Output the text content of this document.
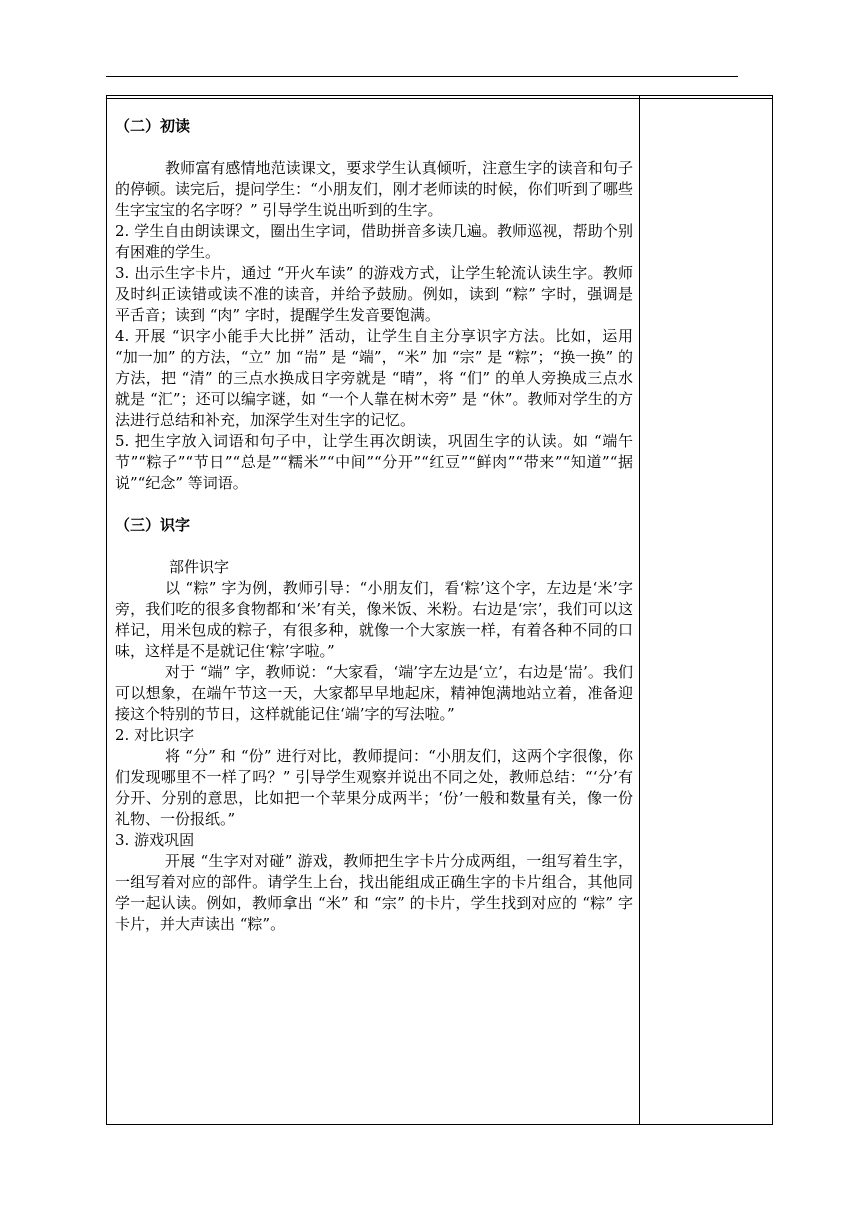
（二）初读

教师富有感情地范读课文，要求学生认真倾听，注意生字的读音和句子的停顿。读完后，提问学生：“小朋友们，刚才老师读的时候，你们听到了哪些生字宝宝的名字呀？” 引导学生说出听到的生字。

2. 学生自由朗读课文，圈出生字词，借助拼音多读几遍。教师巡视，帮助个别有困难的学生。

3. 出示生字卡片，通过 “开火车读” 的游戏方式，让学生轮流认读生字。教师及时纠正读错或读不准的读音，并给予鼓励。例如，读到 “粽” 字时，强调是平舌音；读到 “肉” 字时，提醒学生发音要饱满。

4. 开展 “识字小能手大比拼” 活动，让学生自主分享识字方法。比如，运用 “加一加” 的方法，“立” 加 “耑” 是 “端”，“米” 加 “宗” 是 “粽”；“换一换” 的方法，把 “清” 的三点水换成日字旁就是 “晴”，将 “们” 的单人旁换成三点水就是 “汇”；还可以编字谜，如 “一个人靠在树木旁” 是 “休”。教师对学生的方法进行总结和补充，加深学生对生字的记忆。

5. 把生字放入词语和句子中，让学生再次朗读，巩固生字的认读。如 “端午节”“粽子”“节日”“总是”“糯米”“中间”“分开”“红豆”“鲜肉”“带来”“知道”“据说”“纪念” 等词语。

（三）识字

部件识字

以 “粽” 字为例，教师引导：“小朋友们，看‘粽’这个字，左边是‘米’字旁，我们吃的很多食物都和‘米’有关，像米饭、米粉。右边是‘宗’，我们可以这样记，用米包成的粽子，有很多种，就像一个大家族一样，有着各种不同的口味，这样是不是就记住‘粽’字啦。”

对于 “端” 字，教师说：“大家看，‘端’字左边是‘立’，右边是‘耑’。我们可以想象，在端午节这一天，大家都早早地起床，精神饱满地站立着，准备迎接这个特别的节日，这样就能记住‘端’字的写法啦。”

2. 对比识字

将 “分” 和 “份” 进行对比，教师提问：“小朋友们，这两个字很像，你们发现哪里不一样了吗？” 引导学生观察并说出不同之处，教师总结：“‘分’有分开、分别的意思，比如把一个苹果分成两半；‘份’一般和数量有关，像一份礼物、一份报纸。”

3. 游戏巩固

开展 “生字对对碰” 游戏，教师把生字卡片分成两组，一组写着生字，一组写着对应的部件。请学生上台，找出能组成正确生字的卡片组合，其他同学一起认读。例如，教师拿出 “米” 和 “宗” 的卡片，学生找到对应的 “粽” 字卡片，并大声读出 “粽”。
